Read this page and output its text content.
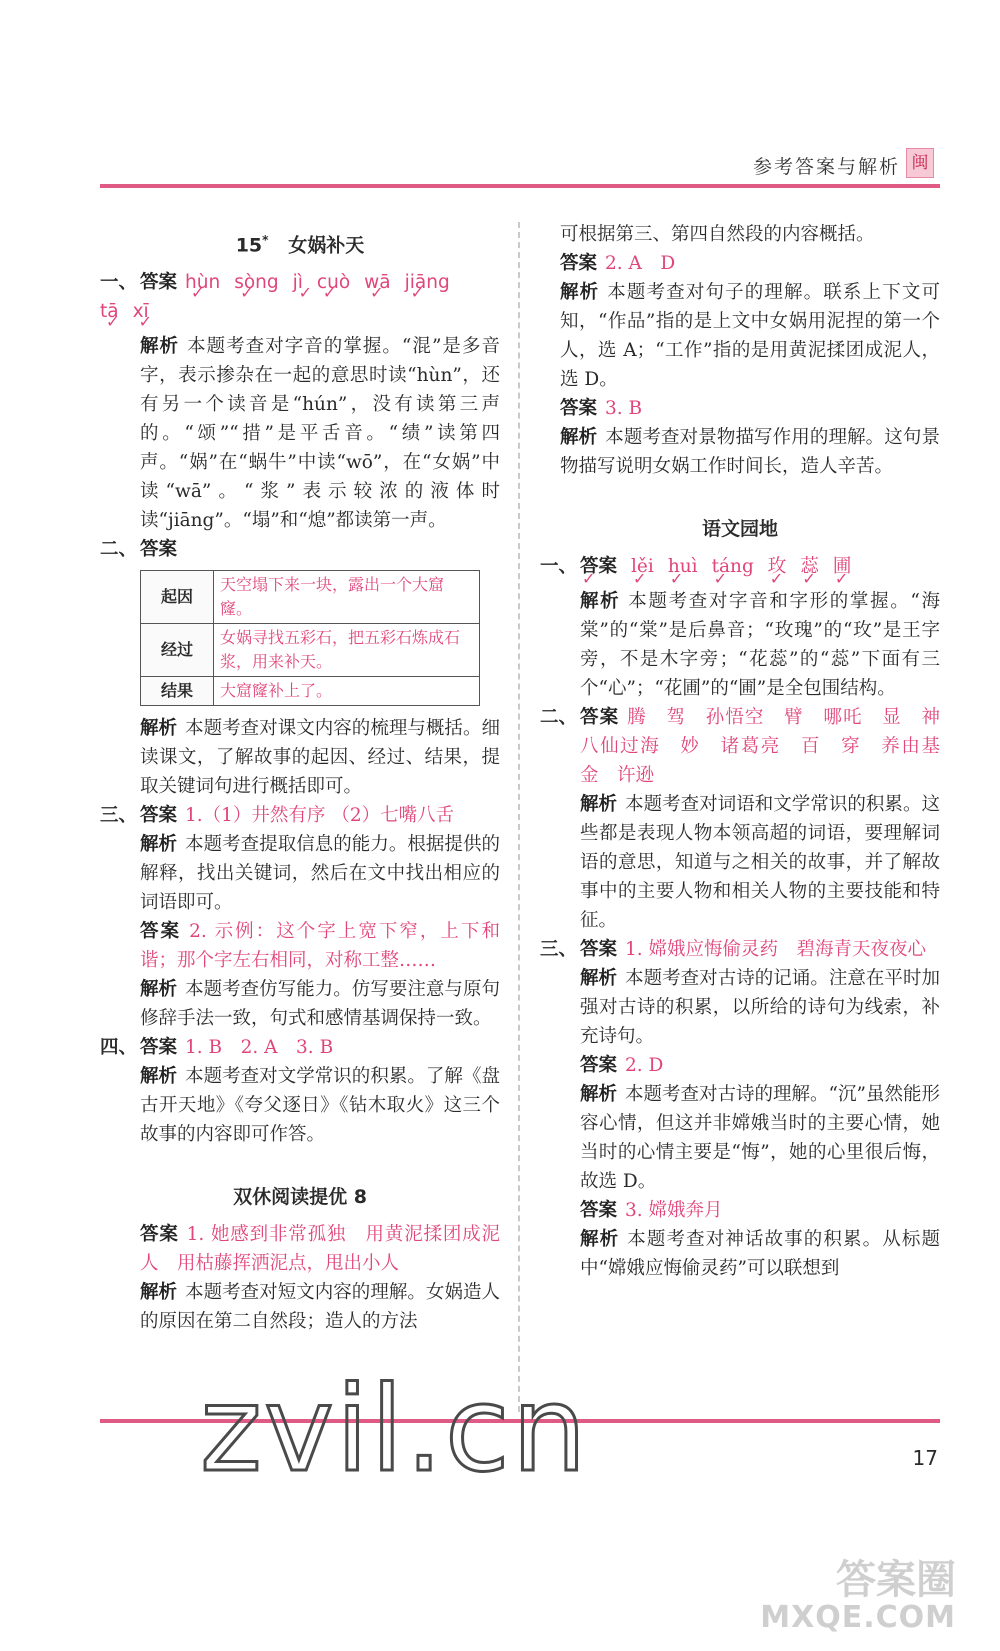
参考答案与解析 闽
15* 女娲补天
一、 答案 hùn ✓ sòng ✓ jì ✓ cuò ✓ wā ✓ jiāng ✓
tā ✓ xī ✓

解析 本题考查对字音的掌握。“混”是多音字，表示掺杂在一起的意思时读“hùn”，还有另一个读音是“hún”，没有读第三声的。“颂”“措”是平舌音。“绩”读第四声。“娲”在“蜗牛”中读“wō”，在“女娲”中读“wā”。“浆”表示较浓的液体时读“jiāng”。“塌”和“熄”都读第一声。

二、 答案
起因	天空塌下来一块，露出一个大窟窿。
经过	女娲寻找五彩石，把五彩石炼成石浆，用来补天。
结果	大窟窿补上了。

解析 本题考查对课文内容的梳理与概括。细读课文，了解故事的起因、经过、结果，提取关键词句进行概括即可。

三、 答案 1.（1）井然有序 （2）七嘴八舌

解析 本题考查提取信息的能力。根据提供的解释，找出关键词，然后在文中找出相应的词语即可。

答案 2. 示例：这个字上宽下窄，上下和谐；那个字左右相同，对称工整……

解析 本题考查仿写能力。仿写要注意与原句修辞手法一致，句式和感情基调保持一致。

四、 答案 1. B　2. A　3. B

解析 本题考查对文学常识的积累。了解《盘古开天地》《夸父逐日》《钻木取火》这三个故事的内容即可作答。

双休阅读提优 8

答案 1. 她感到非常孤独　用黄泥揉团成泥人　用枯藤挥洒泥点，甩出小人

解析 本题考查对短文内容的理解。女娲造人的原因在第二自然段；造人的方法

可根据第三、第四自然段的内容概括。

答案 2. A　D

解析 本题考查对句子的理解。联系上下文可知，“作品”指的是上文中女娲用泥捏的第一个人，选 A；“工作”指的是用黄泥揉团成泥人，选 D。

答案 3. B

解析 本题考查对景物描写作用的理解。这句景物描写说明女娲工作时间长，造人辛苦。

语文园地
一、 答案 ✓ lěi ✓ huì ✓ táng ✓ 玫 ✓ 蕊 ✓ 圃 ✓

解析 本题考查对字音和字形的掌握。“海棠”的“棠”是后鼻音；“玫瑰”的“玫”是王字旁，不是木字旁；“花蕊”的“蕊”下面有三个“心”；“花圃”的“圃”是全包围结构。

二、 答案 腾　驾　孙悟空　臂　哪吒　显　神　八仙过海　妙　诸葛亮　百　穿　养由基　金　许逊

解析 本题考查对词语和文学常识的积累。这些都是表现人物本领高超的词语，要理解词语的意思，知道与之相关的故事，并了解故事中的主要人物和相关人物的主要技能和特征。

三、 答案 1. 嫦娥应悔偷灵药　碧海青天夜夜心

解析 本题考查对古诗的记诵。注意在平时加强对古诗的积累，以所给的诗句为线索，补充诗句。

答案 2. D

解析 本题考查对古诗的理解。“沉”虽然能形容心情，但这并非嫦娥当时的主要心情，她当时的心情主要是“悔”，她的心里很后悔，故选 D。

答案 3. 嫦娥奔月

解析 本题考查对神话故事的积累。从标题中“嫦娥应悔偷灵药”可以联想到

17
zvil.cn
答案圈
MXQE.COM
